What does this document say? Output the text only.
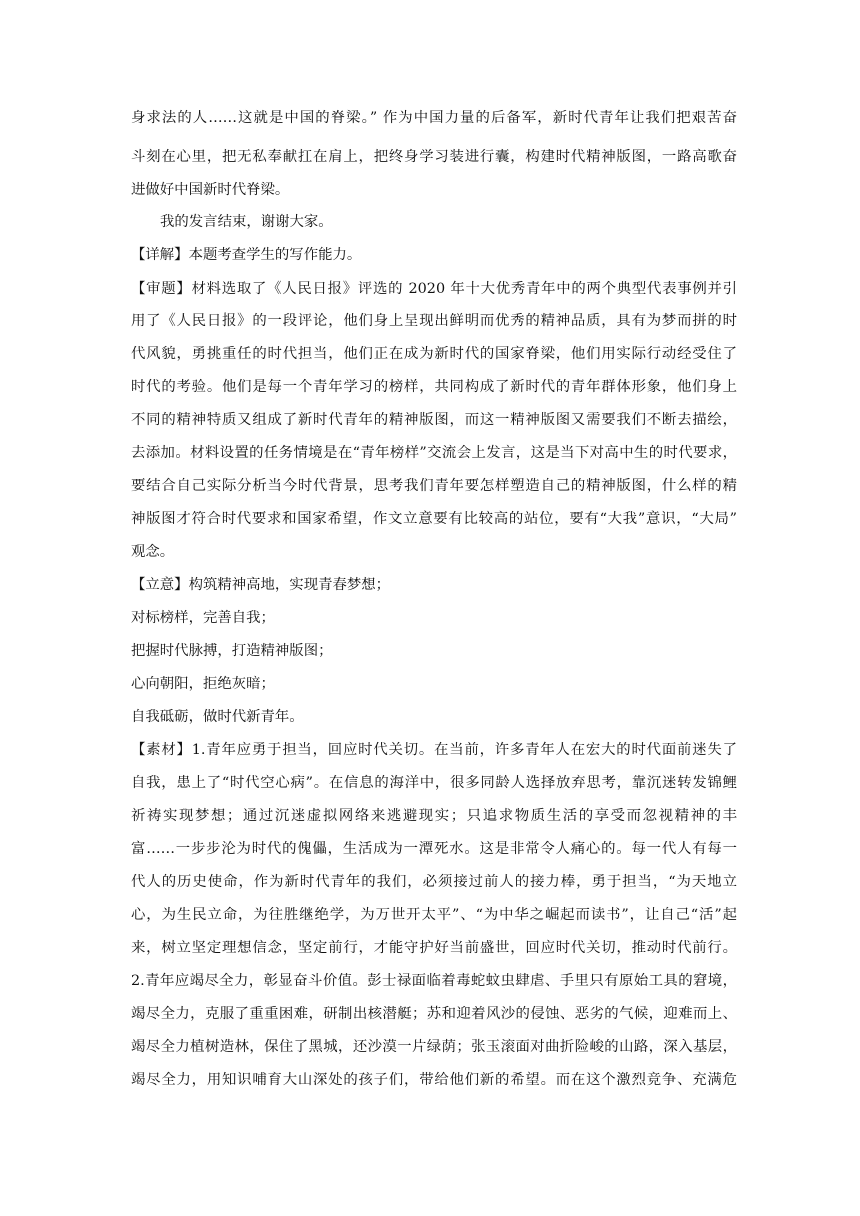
身求法的人……这就是中国的脊梁。” 作为中国力量的后备军，新时代青年让我们把艰苦奋
斗刻在心里，把无私奉献扛在肩上，把终身学习装进行囊，构建时代精神版图，一路高歌奋
进做好中国新时代脊梁。
我的发言结束，谢谢大家。
【详解】本题考查学生的写作能力。
【审题】材料选取了《人民日报》评选的 2020 年十大优秀青年中的两个典型代表事例并引
用了《人民日报》的一段评论，他们身上呈现出鲜明而优秀的精神品质，具有为梦而拼的时
代风貌，勇挑重任的时代担当，他们正在成为新时代的国家脊梁，他们用实际行动经受住了
时代的考验。他们是每一个青年学习的榜样，共同构成了新时代的青年群体形象，他们身上
不同的精神特质又组成了新时代青年的精神版图，而这一精神版图又需要我们不断去描绘，
去添加。材料设置的任务情境是在“青年榜样”交流会上发言，这是当下对高中生的时代要求，
要结合自己实际分析当今时代背景，思考我们青年要怎样塑造自己的精神版图，什么样的精
神版图才符合时代要求和国家希望，作文立意要有比较高的站位，要有“大我”意识，“大局”
观念。
【立意】构筑精神高地，实现青春梦想；
对标榜样，完善自我；
把握时代脉搏，打造精神版图；
心向朝阳，拒绝灰暗；
自我砥砺，做时代新青年。
【素材】1.青年应勇于担当，回应时代关切。在当前，许多青年人在宏大的时代面前迷失了
自我，患上了“时代空心病”。在信息的海洋中，很多同龄人选择放弃思考，靠沉迷转发锦鲤
祈祷实现梦想；通过沉迷虚拟网络来逃避现实；只追求物质生活的享受而忽视精神的丰
富……一步步沦为时代的傀儡，生活成为一潭死水。这是非常令人痛心的。每一代人有每一
代人的历史使命，作为新时代青年的我们，必须接过前人的接力棒，勇于担当，“为天地立
心，为生民立命，为往胜继绝学，为万世开太平”、“为中华之崛起而读书”，让自己“活”起
来，树立坚定理想信念，坚定前行，才能守护好当前盛世，回应时代关切，推动时代前行。
2.青年应竭尽全力，彰显奋斗价值。彭士禄面临着毒蛇蚊虫肆虐、手里只有原始工具的窘境，
竭尽全力，克服了重重困难，研制出核潜艇；苏和迎着风沙的侵蚀、恶劣的气候，迎难而上、
竭尽全力植树造林，保住了黑城，还沙漠一片绿荫；张玉滚面对曲折险峻的山路，深入基层，
竭尽全力，用知识哺育大山深处的孩子们，带给他们新的希望。而在这个激烈竞争、充满危
